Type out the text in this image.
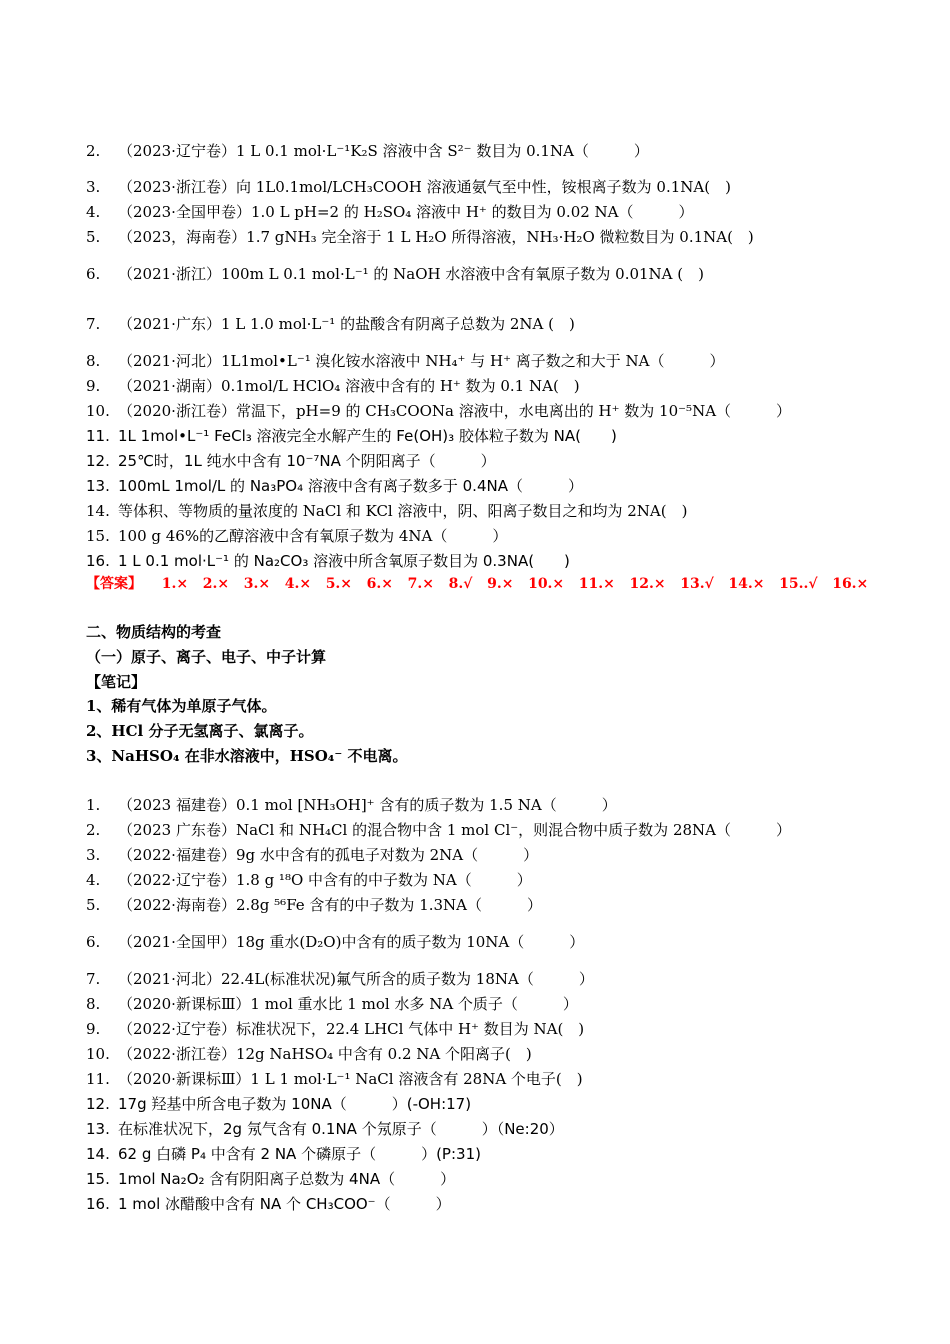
2. （2023·辽宁卷）1 L 0.1 mol·L⁻¹K₂S 溶液中含 S²⁻ 数目为 0.1NA（　　　）
3. （2023·浙江卷）向 1L0.1mol/LCH₃COOH 溶液通氨气至中性，铵根离子数为 0.1NA(　)
4. （2023·全国甲卷）1.0 L pH=2 的 H₂SO₄ 溶液中 H⁺ 的数目为 0.02 NA（　　　）
5. （2023，海南卷）1.7 gNH₃ 完全溶于 1 L H₂O 所得溶液，NH₃·H₂O 微粒数目为 0.1NA(　)
6. （2021·浙江）100m L 0.1 mol·L⁻¹ 的 NaOH 水溶液中含有氧原子数为 0.01NA (　)
7. （2021·广东）1 L 1.0 mol·L⁻¹ 的盐酸含有阴离子总数为 2NA (　)
8. （2021·河北）1L1mol•L⁻¹ 溴化铵水溶液中 NH₄⁺ 与 H⁺ 离子数之和大于 NA（　　　）
9. （2021·湖南）0.1mol/L HClO₄ 溶液中含有的 H⁺ 数为 0.1 NA(　)
10. （2020·浙江卷）常温下，pH=9 的 CH₃COONa 溶液中，水电离出的 H⁺ 数为 10⁻⁵NA（　　　）
11. 1L 1mol•L⁻¹ FeCl₃ 溶液完全水解产生的 Fe(OH)₃ 胶体粒子数为 NA(　　)
12. 25℃时，1L 纯水中含有 10⁻⁷NA 个阴阳离子（　　　）
13. 100mL 1mol/L 的 Na₃PO₄ 溶液中含有离子数多于 0.4NA（　　　）
14. 等体积、等物质的量浓度的 NaCl 和 KCl 溶液中，阴、阳离子数目之和均为 2NA(　)
15. 100 g 46%的乙醇溶液中含有氧原子数为 4NA（　　　）
16. 1 L 0.1 mol·L⁻¹ 的 Na₂CO₃ 溶液中所含氧原子数目为 0.3NA(　　)
【答案】 1.× 2.× 3.× 4.× 5.× 6.× 7.× 8.√ 9.× 10.× 11.× 12.× 13.√ 14.× 15..√ 16.×
二、物质结构的考查
（一）原子、离子、电子、中子计算
【笔记】
1、稀有气体为单原子气体。
2、HCl 分子无氢离子、氯离子。
3、NaHSO₄ 在非水溶液中，HSO₄⁻ 不电离。
1. （2023 福建卷）0.1 mol [NH₃OH]⁺ 含有的质子数为 1.5 NA（　　　）
2. （2023 广东卷）NaCl 和 NH₄Cl 的混合物中含 1 mol Cl⁻，则混合物中质子数为 28NA（　　　）
3. （2022·福建卷）9g 水中含有的孤电子对数为 2NA（　　　）
4. （2022·辽宁卷）1.8 g ¹⁸O 中含有的中子数为 NA（　　　）
5. （2022·海南卷）2.8g ⁵⁶Fe 含有的中子数为 1.3NA（　　　）
6. （2021·全国甲）18g 重水(D₂O)中含有的质子数为 10NA（　　　）
7. （2021·河北）22.4L(标准状况)氟气所含的质子数为 18NA（　　　）
8. （2020·新课标Ⅲ）1 mol 重水比 1 mol 水多 NA 个质子（　　　）
9. （2022·辽宁卷）标准状况下，22.4 LHCl 气体中 H⁺ 数目为 NA(　)
10. （2022·浙江卷）12g NaHSO₄ 中含有 0.2 NA 个阳离子(　)
11. （2020·新课标Ⅲ）1 L 1 mol·L⁻¹ NaCl 溶液含有 28NA 个电子(　)
12. 17g 羟基中所含电子数为 10NA（　　　）(-OH:17)
13. 在标准状况下，2g 氖气含有 0.1NA 个氖原子（　　　）（Ne:20）
14. 62 g 白磷 P₄ 中含有 2 NA 个磷原子（　　　）(P:31)
15. 1mol Na₂O₂ 含有阴阳离子总数为 4NA（　　　）
16. 1 mol 冰醋酸中含有 NA 个 CH₃COO⁻（　　　）
